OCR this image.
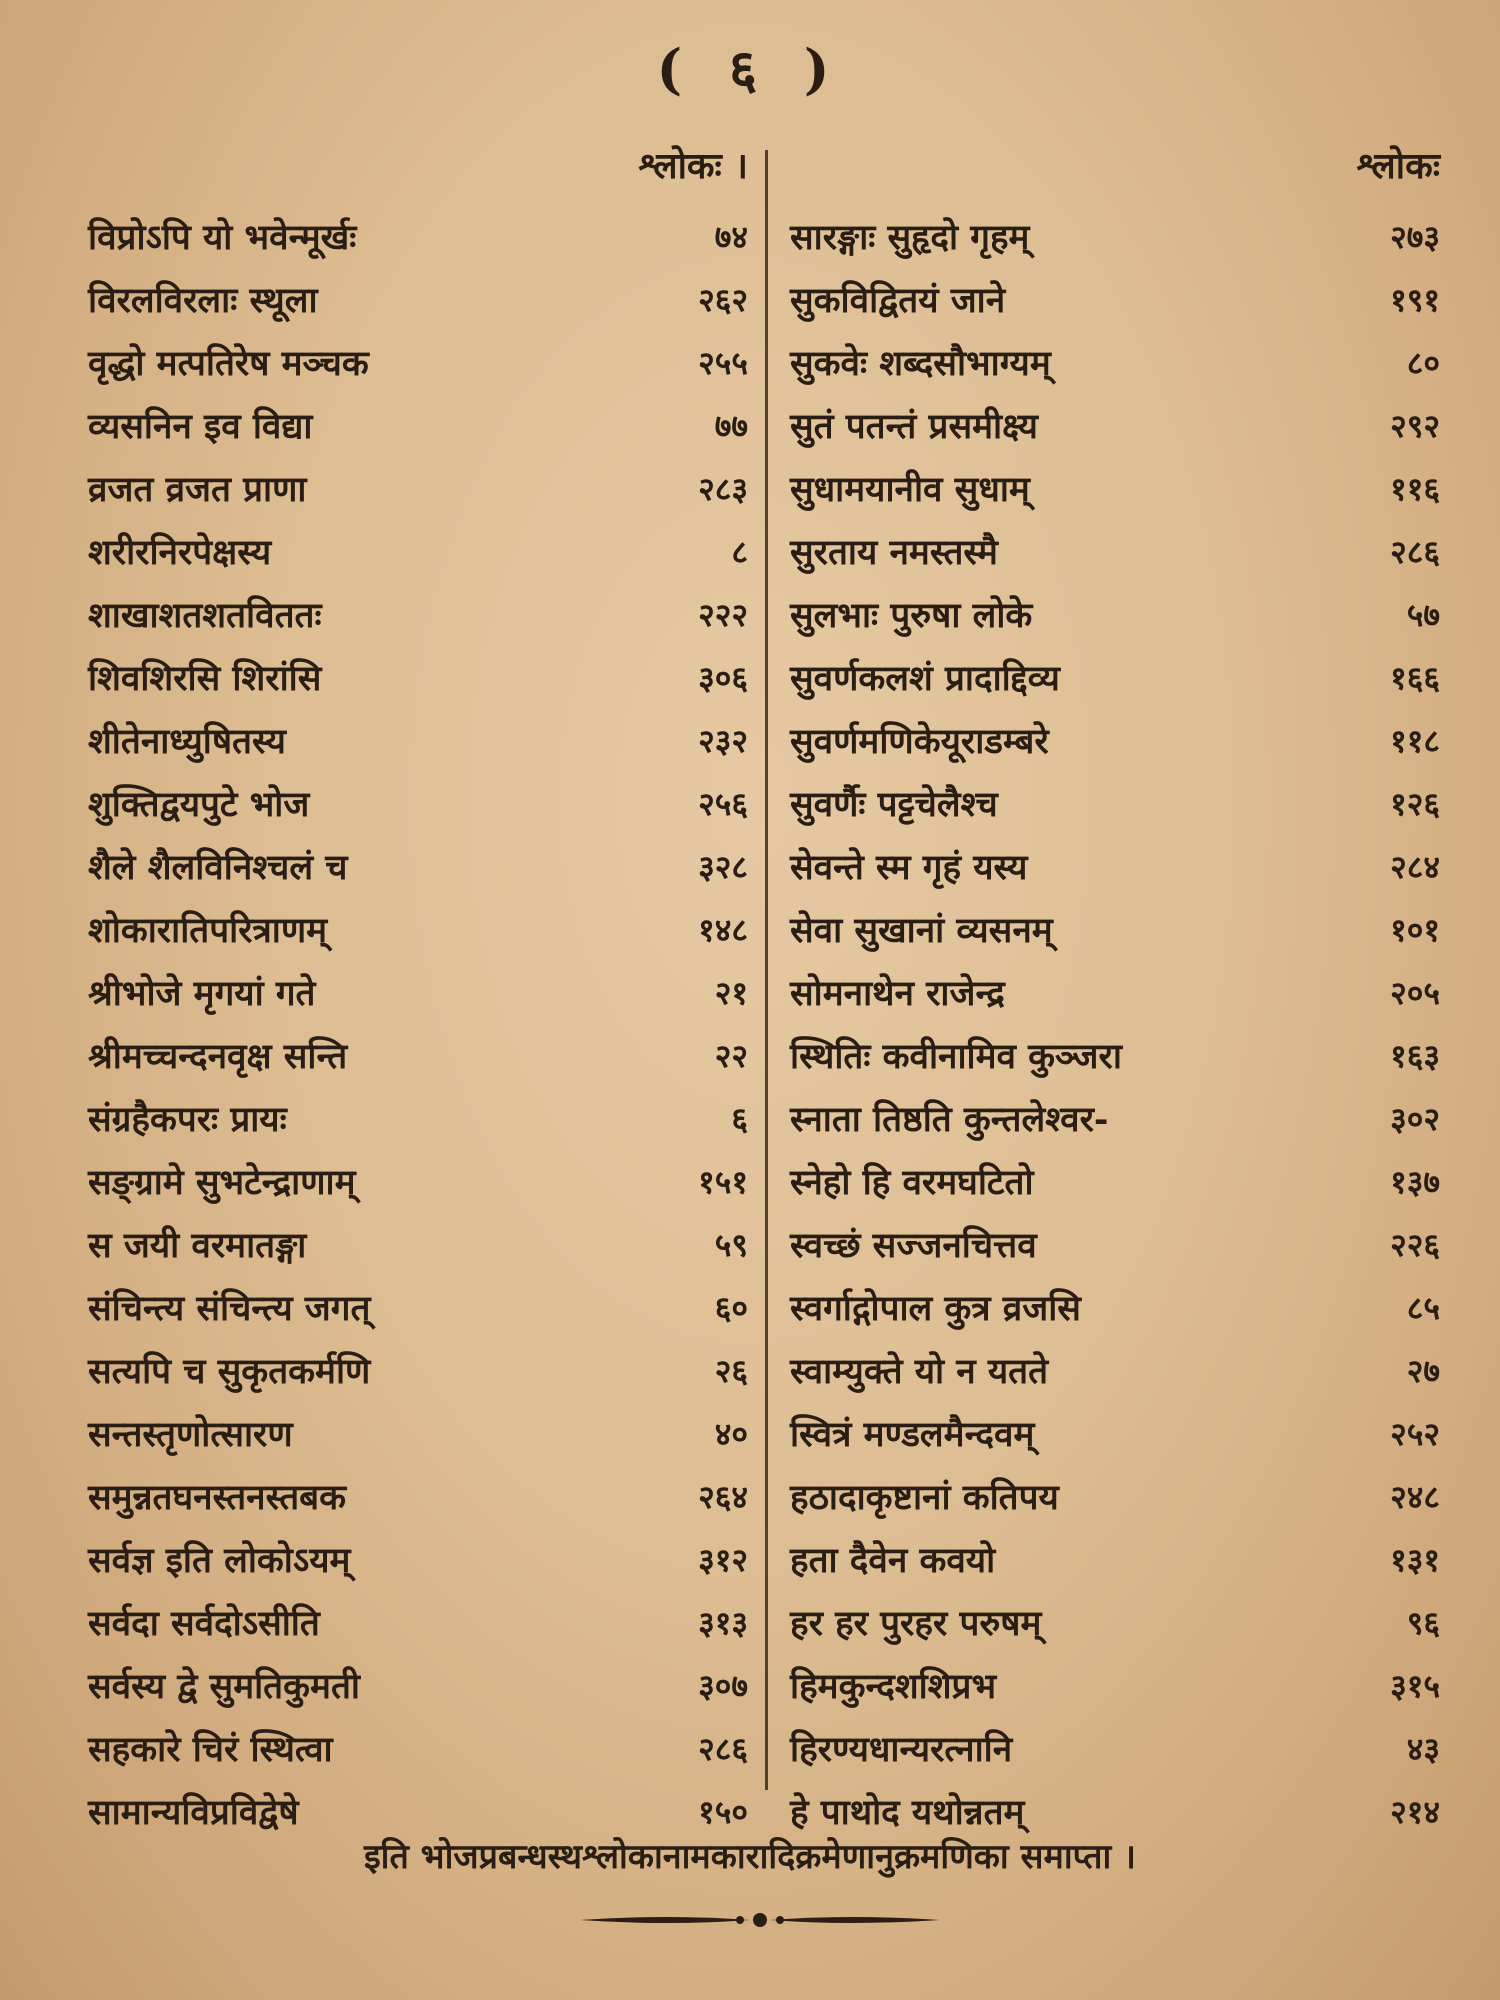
( ६ )
श्लोकः ।
विप्रोऽपि यो भवेन्मूर्खः	७४
विरलविरलाः स्थूला	२६२
वृद्धो मत्पतिरेष मञ्चक	२५५
व्यसनिन इव विद्या	७७
व्रजत व्रजत प्राणा	२८३
शरीरनिरपेक्षस्य	८
शाखाशतशतविततः	२२२
शिवशिरसि शिरांसि	३०६
शीतेनाध्युषितस्य	२३२
शुक्तिद्वयपुटे भोज	२५६
शैले शैलविनिश्चलं च	३२८
शोकारातिपरित्राणम्	१४८
श्रीभोजे मृगयां गते	२१
श्रीमच्चन्दनवृक्ष सन्ति	२२
संग्रहैकपरः प्रायः	६
सङ्ग्रामे सुभटेन्द्राणाम्	१५१
स जयी वरमातङ्गा	५९
संचिन्त्य संचिन्त्य जगत्	६०
सत्यपि च सुकृतकर्मणि	२६
सन्तस्तृणोत्सारण	४०
समुन्नतघनस्तनस्तबक	२६४
सर्वज्ञ इति लोकोऽयम्	३१२
सर्वदा सर्वदोऽसीति	३१३
सर्वस्य द्वे सुमतिकुमती	३०७
सहकारे चिरं स्थित्वा	२८६
सामान्यविप्रविद्वेषे	१५०
श्लोकः
सारङ्गाः सुहृदो गृहम्	२७३
सुकविद्वितयं जाने	१९१
सुकवेः शब्दसौभाग्यम्	८०
सुतं पतन्तं प्रसमीक्ष्य	२९२
सुधामयानीव सुधाम्	११६
सुरताय नमस्तस्मै	२८६
सुलभाः पुरुषा लोके	५७
सुवर्णकलशं प्रादाद्दिव्य	१६६
सुवर्णमणिकेयूराडम्बरे	११८
सुवर्णैः पट्टचेलैश्च	१२६
सेवन्ते स्म गृहं यस्य	२८४
सेवा सुखानां व्यसनम्	१०१
सोमनाथेन राजेन्द्र	२०५
स्थितिः कवीनामिव कुञ्जरा	१६३
स्नाता तिष्ठति कुन्तलेश्वर-	३०२
स्नेहो हि वरमघटितो	१३७
स्वच्छं सज्जनचित्तव	२२६
स्वर्गाद्गोपाल कुत्र व्रजसि	८५
स्वाम्युक्ते यो न यतते	२७
स्वित्रं मण्डलमैन्दवम्	२५२
हठादाकृष्टानां कतिपय	२४८
हता दैवेन कवयो	१३१
हर हर पुरहर परुषम्	९६
हिमकुन्दशशिप्रभ	३१५
हिरण्यधान्यरत्नानि	४३
हे पाथोद यथोन्नतम्	२१४
इति भोजप्रबन्धस्थश्लोकानामकारादिक्रमेणानुक्रमणिका समाप्ता ।
